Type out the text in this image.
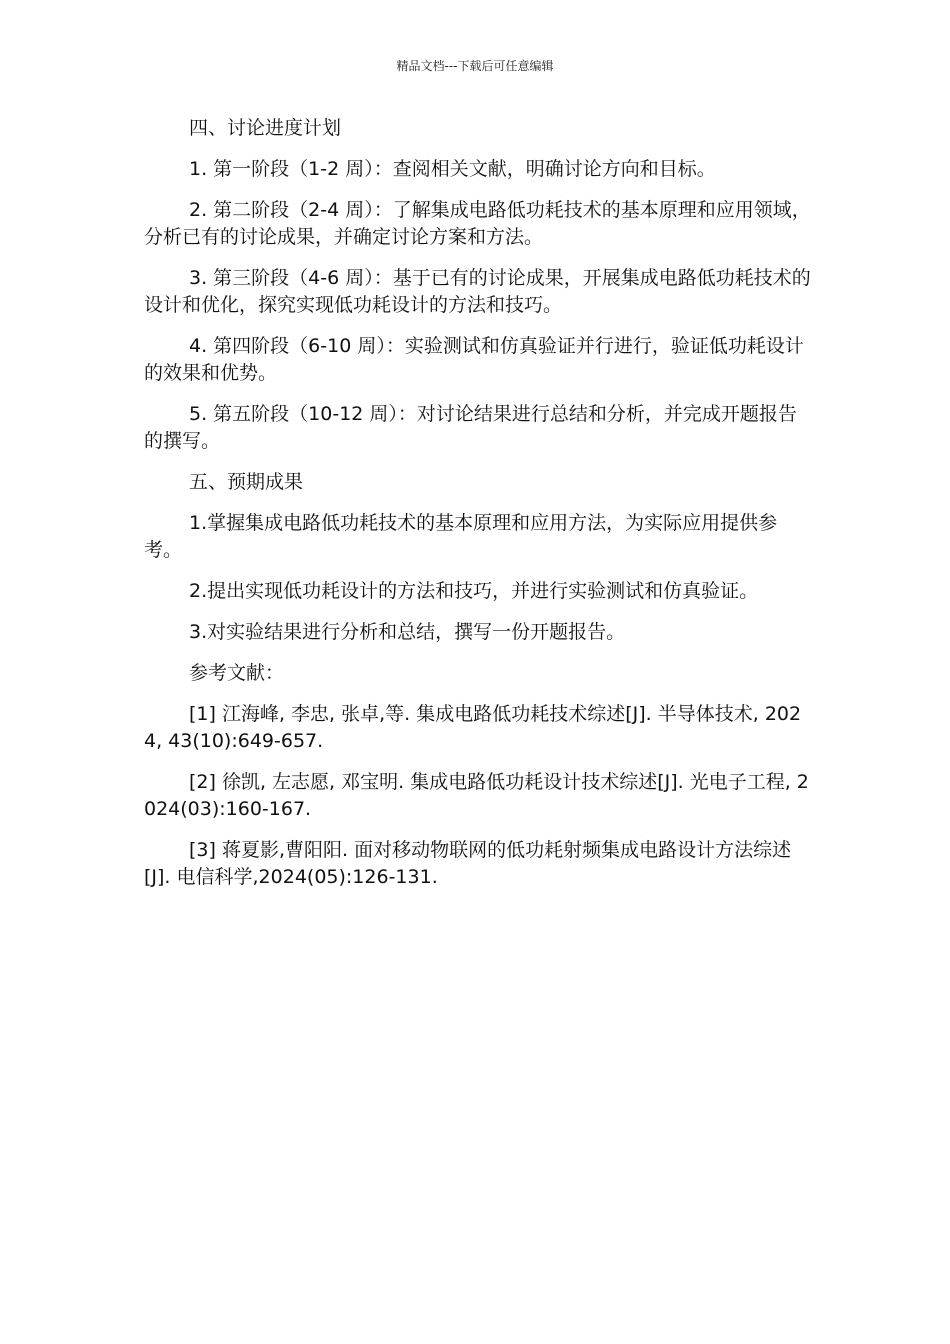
精品文档---下载后可任意编辑

四、讨论进度计划

1. 第一阶段（1-2 周）：查阅相关文献，明确讨论方向和目标。

2. 第二阶段（2-4 周）：了解集成电路低功耗技术的基本原理和应用领域，分析已有的讨论成果，并确定讨论方案和方法。

3. 第三阶段（4-6 周）：基于已有的讨论成果，开展集成电路低功耗技术的设计和优化，探究实现低功耗设计的方法和技巧。

4. 第四阶段（6-10 周）：实验测试和仿真验证并行进行，验证低功耗设计的效果和优势。

5. 第五阶段（10-12 周）：对讨论结果进行总结和分析，并完成开题报告的撰写。

五、预期成果

1.掌握集成电路低功耗技术的基本原理和应用方法，为实际应用提供参考。

2.提出实现低功耗设计的方法和技巧，并进行实验测试和仿真验证。

3.对实验结果进行分析和总结，撰写一份开题报告。

参考文献：

[1] 江海峰, 李忠, 张卓,等. 集成电路低功耗技术综述[J]. 半导体技术, 2024, 43(10):649-657.

[2] 徐凯, 左志愿, 邓宝明. 集成电路低功耗设计技术综述[J]. 光电子工程, 2024(03):160-167.

[3] 蒋夏影,曹阳阳. 面对移动物联网的低功耗射频集成电路设计方法综述[J]. 电信科学,2024(05):126-131.
